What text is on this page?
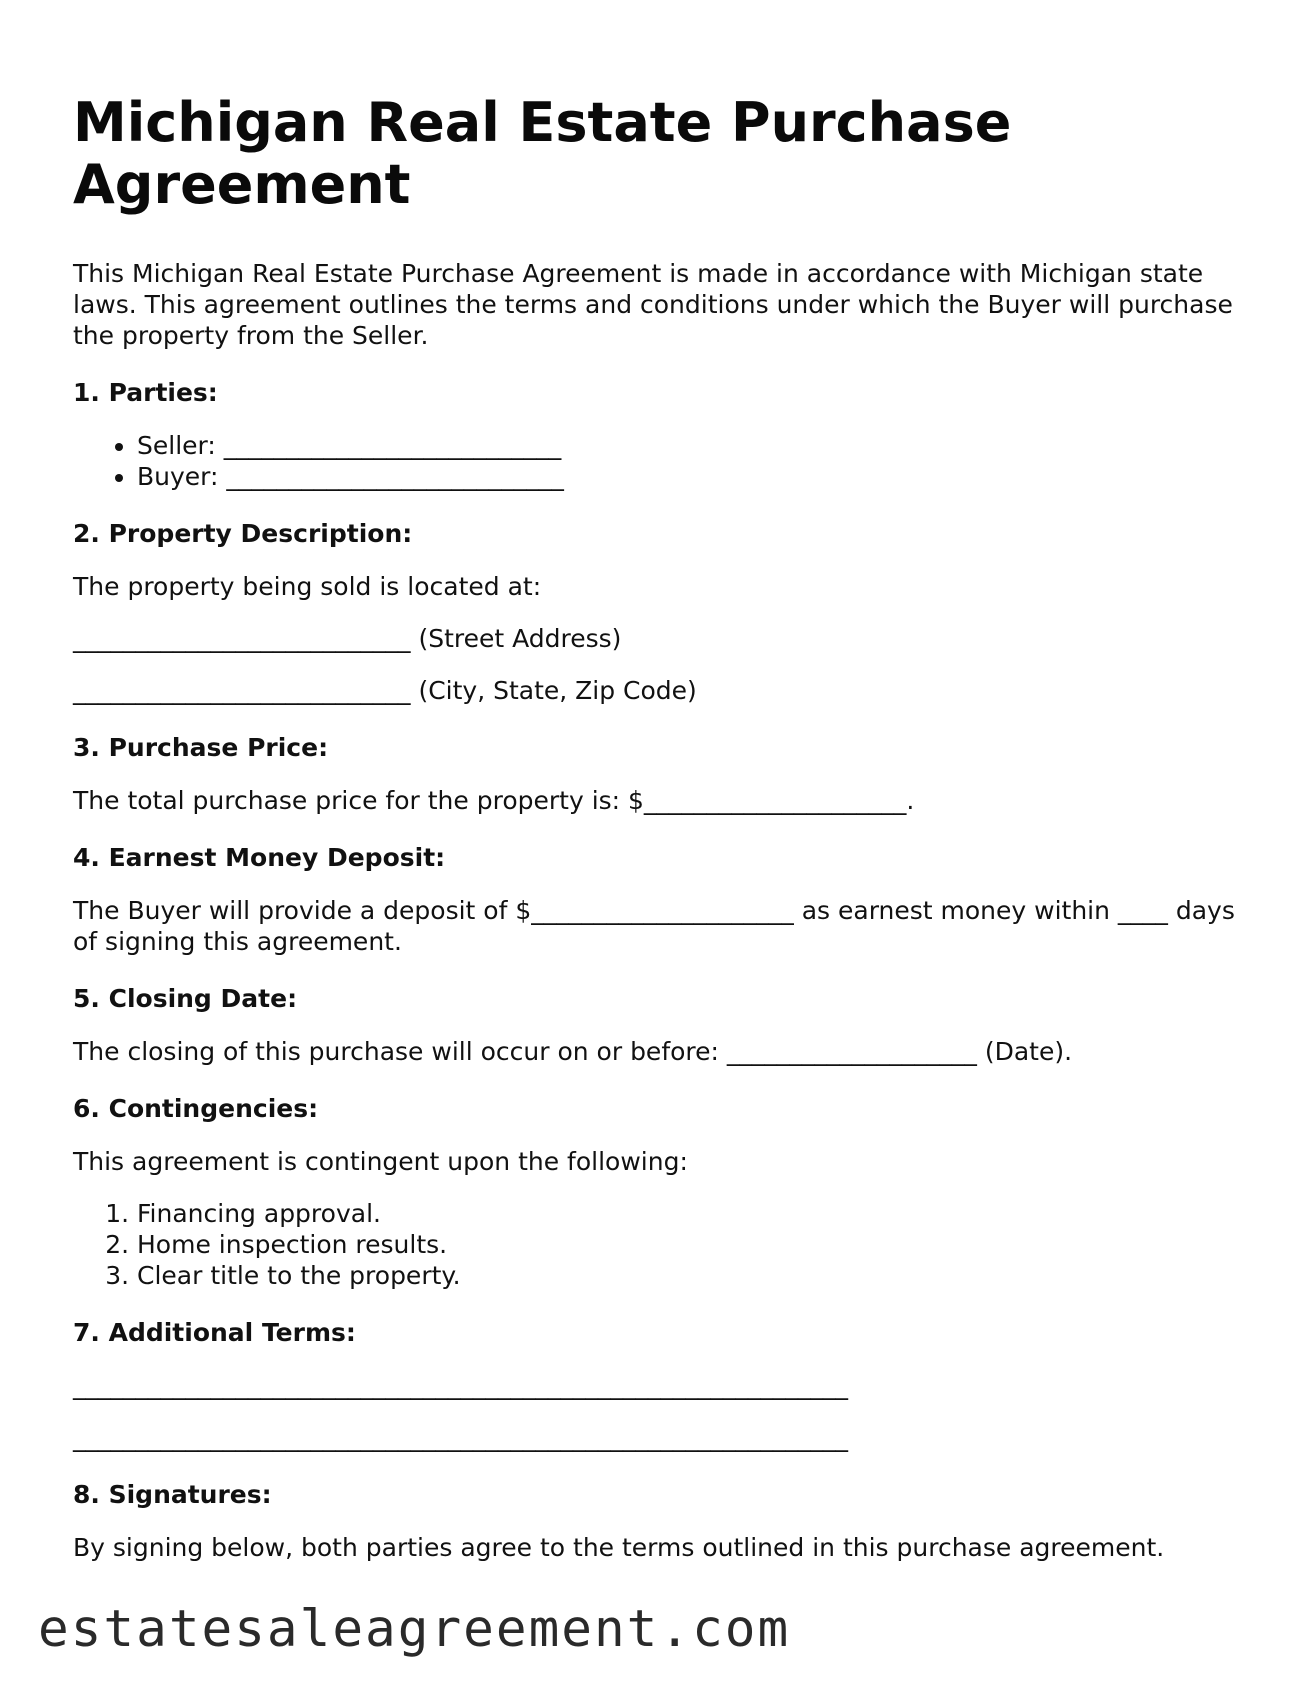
Michigan Real Estate Purchase Agreement

This Michigan Real Estate Purchase Agreement is made in accordance with Michigan state laws. This agreement outlines the terms and conditions under which the Buyer will purchase the property from the Seller.

1. Parties:
• Seller: ___________________________
• Buyer: ___________________________
2. Property Description:

The property being sold is located at:

___________________________ (Street Address)

___________________________ (City, State, Zip Code)

3. Purchase Price:

The total purchase price for the property is: $_____________________.

4. Earnest Money Deposit:

The Buyer will provide a deposit of $_____________________ as earnest money within ____ days of signing this agreement.

5. Closing Date:

The closing of this purchase will occur on or before: ____________________ (Date).

6. Contingencies:

This agreement is contingent upon the following:

1. Financing approval.
2. Home inspection results.
3. Clear title to the property.
7. Additional Terms:

______________________________________________________________

______________________________________________________________

8. Signatures:

By signing below, both parties agree to the terms outlined in this purchase agreement.

estatesaleagreement.com
